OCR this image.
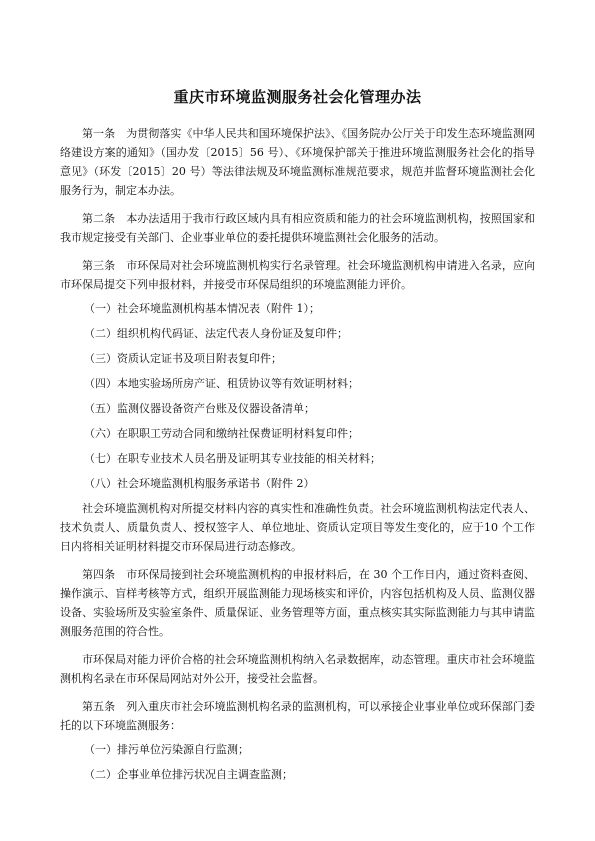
重庆市环境监测服务社会化管理办法

第一条　为贯彻落实《中华人民共和国环境保护法》、《国务院办公厅关于印发生态环境监测网络建设方案的通知》（国办发〔2015〕56 号）、《环境保护部关于推进环境监测服务社会化的指导意见》（环发〔2015〕20 号）等法律法规及环境监测标准规范要求，规范并监督环境监测社会化服务行为，制定本办法。

第二条　本办法适用于我市行政区域内具有相应资质和能力的社会环境监测机构，按照国家和我市规定接受有关部门、企业事业单位的委托提供环境监测社会化服务的活动。

第三条　市环保局对社会环境监测机构实行名录管理。社会环境监测机构申请进入名录，应向市环保局提交下列申报材料，并接受市环保局组织的环境监测能力评价。

（一）社会环境监测机构基本情况表（附件 1）；
（二）组织机构代码证、法定代表人身份证及复印件；
（三）资质认定证书及项目附表复印件；
（四）本地实验场所房产证、租赁协议等有效证明材料；
（五）监测仪器设备资产台账及仪器设备清单；
（六）在职职工劳动合同和缴纳社保费证明材料复印件；
（七）在职专业技术人员名册及证明其专业技能的相关材料；
（八）社会环境监测机构服务承诺书（附件 2）

社会环境监测机构对所提交材料内容的真实性和准确性负责。社会环境监测机构法定代表人、技术负责人、质量负责人、授权签字人、单位地址、资质认定项目等发生变化的，应于10 个工作日内将相关证明材料提交市环保局进行动态修改。

第四条　市环保局接到社会环境监测机构的申报材料后，在 30 个工作日内，通过资料查阅、操作演示、盲样考核等方式，组织开展监测能力现场核实和评价，内容包括机构及人员、监测仪器设备、实验场所及实验室条件、质量保证、业务管理等方面，重点核实其实际监测能力与其申请监测服务范围的符合性。

市环保局对能力评价合格的社会环境监测机构纳入名录数据库，动态管理。重庆市社会环境监测机构名录在市环保局网站对外公开，接受社会监督。

第五条　列入重庆市社会环境监测机构名录的监测机构，可以承接企业事业单位或环保部门委托的以下环境监测服务：

（一）排污单位污染源自行监测；
（二）企事业单位排污状况自主调查监测；
